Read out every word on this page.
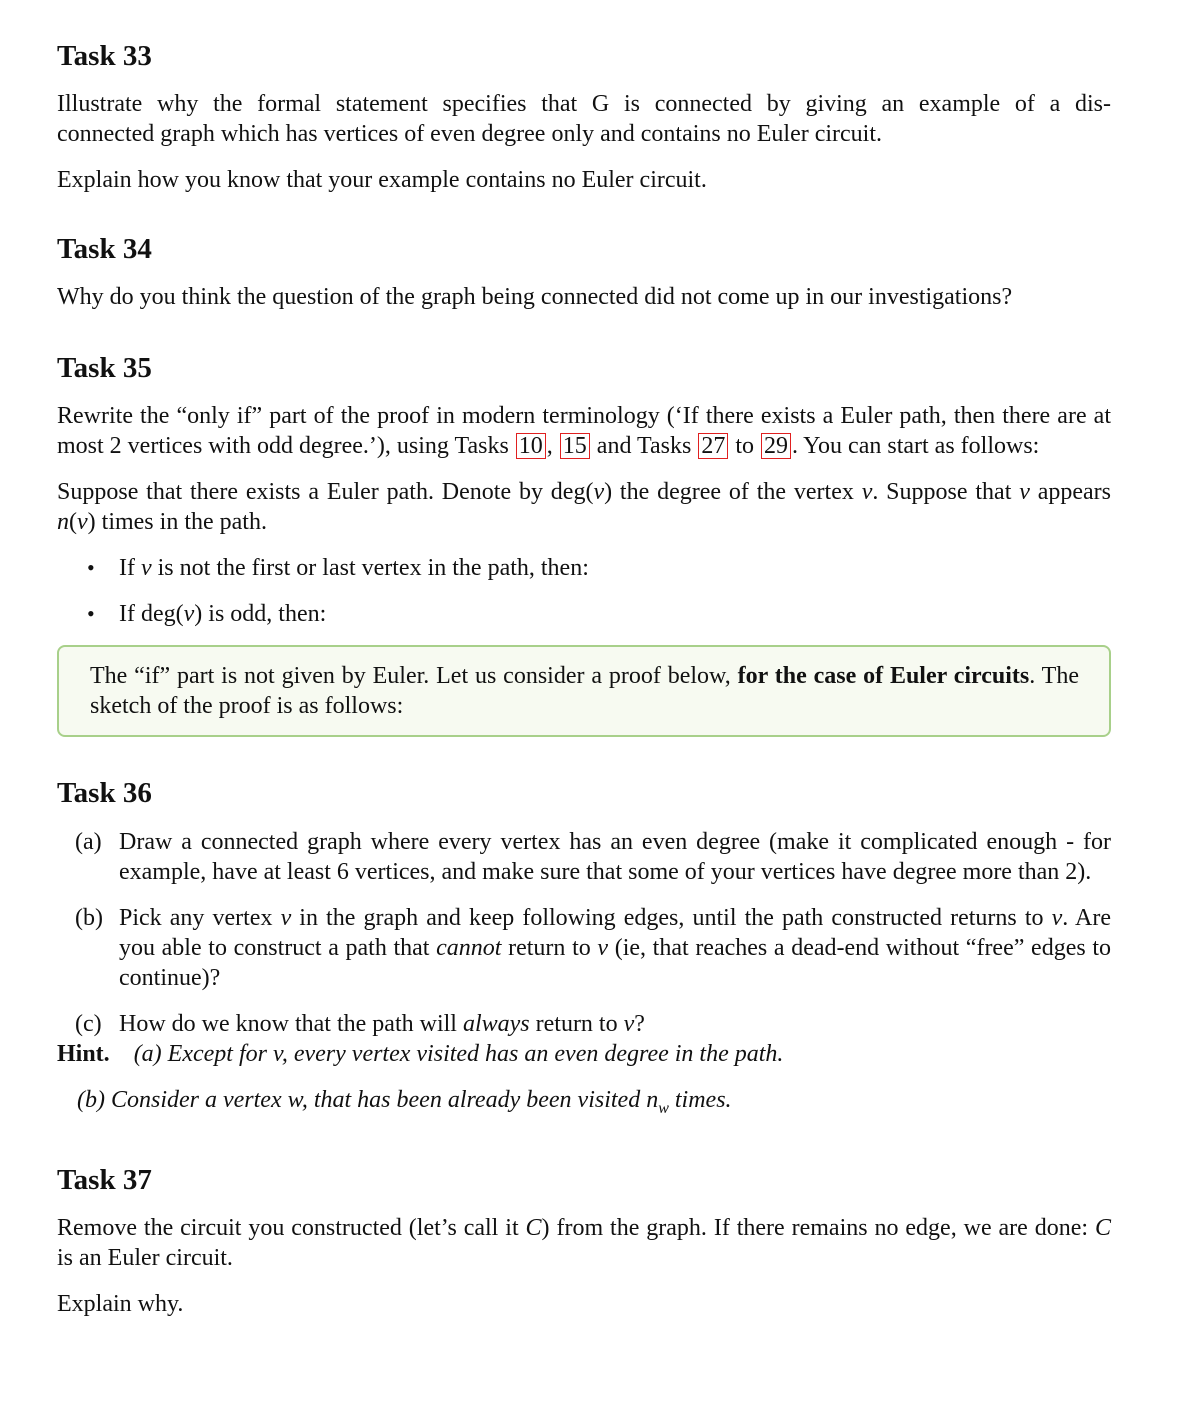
Task 33

Illustrate why the formal statement specifies that G is connected by giving an example of a dis-
connected graph which has vertices of even degree only and contains no Euler circuit.

Explain how you know that your example contains no Euler circuit.

Task 34

Why do you think the question of the graph being connected did not come up in our investigations?

Task 35

Rewrite the “only if” part of the proof in modern terminology (‘If there exists a Euler path, then there are at most 2 vertices with odd degree.’), using Tasks 10 , 15 and Tasks 27 to 29 . You can start as follows:

Suppose that there exists a Euler path. Denote by deg(v) the degree of the vertex v. Suppose that v appears n(v) times in the path.

• If v is not the first or last vertex in the path, then:
• If deg(v) is odd, then:

The “if” part is not given by Euler. Let us consider a proof below, for the case of Euler circuits. The sketch of the proof is as follows:

Task 36
(a) Draw a connected graph where every vertex has an even degree (make it complicated enough - for example, have at least 6 vertices, and make sure that some of your vertices have degree more than 2).
(b) Pick any vertex v in the graph and keep following edges, until the path constructed returns to v. Are you able to construct a path that cannot return to v (ie, that reaches a dead-end without “free” edges to continue)?
(c) How do we know that the path will always return to v?

Hint. (a) Except for v, every vertex visited has an even degree in the path.

(b) Consider a vertex w, that has been already been visited $n_w$ times.

Task 37

Remove the circuit you constructed (let’s call it C) from the graph. If there remains no edge, we are done: C is an Euler circuit.

Explain why.
